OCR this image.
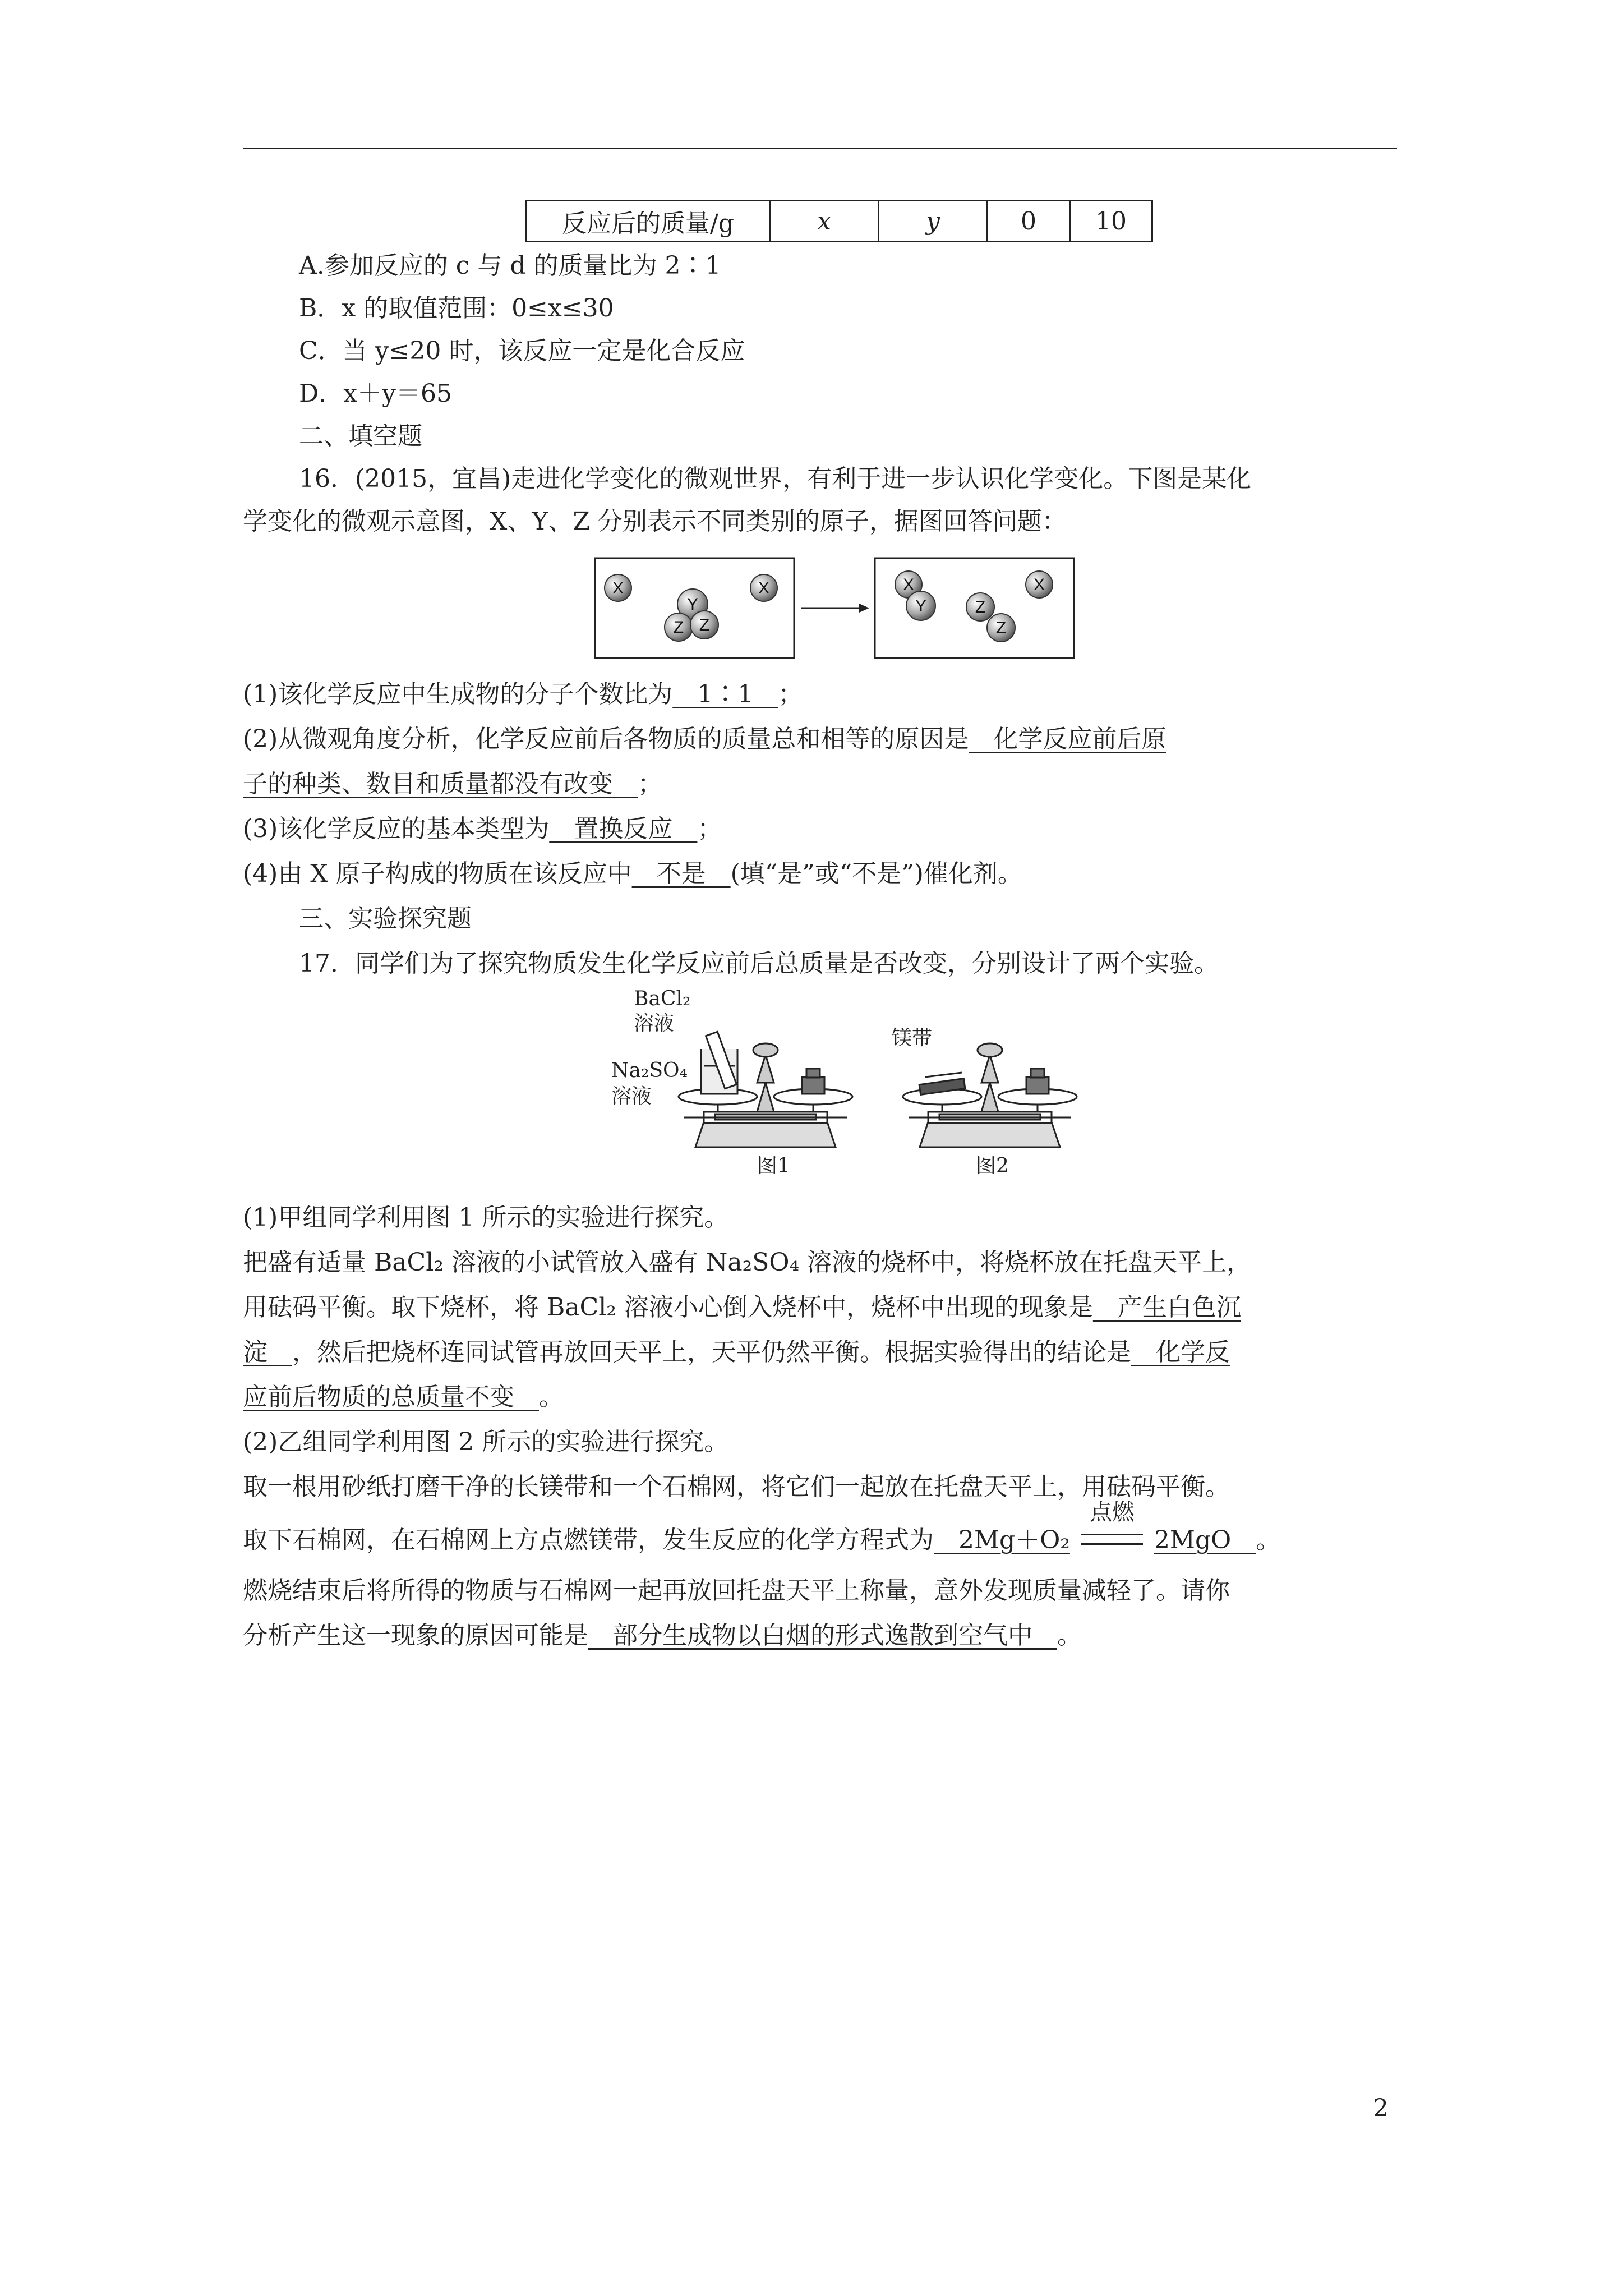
反应后的质量/g	x	y	0	10
A.参加反应的 c 与 d 的质量比为 2∶1
B．x 的取值范围：0≤x≤30
C．当 y≤20 时，该反应一定是化合反应
D．x＋y＝65
二、填空题
16．(2015，宜昌)走进化学变化的微观世界，有利于进一步认识化学变化。下图是某化
学变化的微观示意图，X、Y、Z 分别表示不同类别的原子，据图回答问题：
X	X
Y
Z Z
X
Y	Z
Z
X
(1)该化学反应中生成物的分子个数比为__1∶1__；
(2)从微观角度分析，化学反应前后各物质的质量总和相等的原因是__化学反应前后原
子的种类、数目和质量都没有改变__；
(3)该化学反应的基本类型为__置换反应__；
(4)由 X 原子构成的物质在该反应中__不是__(填“是”或“不是”)催化剂。
三、实验探究题
17．同学们为了探究物质发生化学反应前后总质量是否改变，分别设计了两个实验。
BaCl₂
溶液
Na₂SO₄
溶液
镁带
图1	图2
(1)甲组同学利用图 1 所示的实验进行探究。
把盛有适量 BaCl₂ 溶液的小试管放入盛有 Na₂SO₄ 溶液的烧杯中，将烧杯放在托盘天平上，
用砝码平衡。取下烧杯，将 BaCl₂ 溶液小心倒入烧杯中，烧杯中出现的现象是__产生白色沉
淀__，然后把烧杯连同试管再放回天平上，天平仍然平衡。根据实验得出的结论是__化学反
应前后物质的总质量不变__。
(2)乙组同学利用图 2 所示的实验进行探究。
取一根用砂纸打磨干净的长镁带和一个石棉网，将它们一起放在托盘天平上，用砝码平衡。
取下石棉网，在石棉网上方点燃镁带，发生反应的化学方程式为__2Mg＋O₂
点燃
2MgO__。
燃烧结束后将所得的物质与石棉网一起再放回托盘天平上称量，意外发现质量减轻了。请你
分析产生这一现象的原因可能是__部分生成物以白烟的形式逸散到空气中__。
2
